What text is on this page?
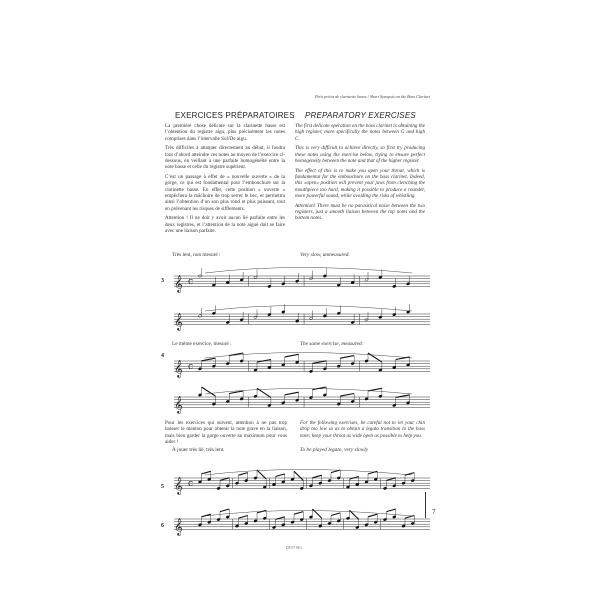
Petit précis de clarinette basse / Short Synopsis on the Bass Clarinet
EXERCICES PRÉPARATOIRES PREPARATORY EXERCISES

La première chose délicate sur la clarinette basse est l’obtention du registre aigu, plus précisément les notes comprises dans l’intervalle Sol/Do aigu.

Très difficiles à attaquer directement au début, il faudra tout d’abord atteindre ces notes au moyen de l’exercice ci-dessous, en veillant à une parfaite homogénéité entre la note basse et celle du registre supérieur.

C’est un passage à effet de « nouvelle ouverte » de la gorge, ce qui est fondamental pour l’embouchure sur la clarinette basse. En effet, cette position « ouverte » empêchera la mâchoire de trop serrer le bec, et permettra ainsi l’obtention d’un son plus rond et plus puissant, tout en prévenant les risques de sifflements.

Attention ! Il ne doit y avoir aucun lié parfaite entre les deux registres, et l’attention de la note aiguë doit se faire avec une liaison parfaite.

The first delicate operation on the bass clarinet is obtaining the high register, more specifically the notes between G and high C.

This is very difficult to achieve directly, so first try producing these notes using the exercise below, trying to ensure perfect homogeneity between the note and that of the higher register.

The effect of this is to make you open your throat, which is fundamental for the embouchure on the bass clarinet. Indeed, this «open» position will prevent your jaws from clenching the mouthpiece too hard, making it possible to produce a rounder, more powerful sound, while avoiding the risks of whistling.

Attention! There must be no parasitical noise between the two registers, just a smooth liaison between the top notes and the bottom notes.

Très lent, non mesuré :	Very slow, unmeasured.
3 𝄞 c
𝄞
Le même exercice, mesuré :	The same exercise, measured:
4
𝄞 c
𝄞

Pour les exercices qui suivent, attention à ne pas trop baisser le menton pour obtenir la note grave en la liaison, mais bien garder la gorge ouverte au maximum pour vous aider !

For the following exercises, be careful not to let your chin drop too low so as to obtain a legato transition to the bass note; keep your throat as wide open as possible to help you.

À jouer très lié, très lent.	To be played legato, very slowly
5 𝄞 c
6 𝄞
DF 07 98 L
7
